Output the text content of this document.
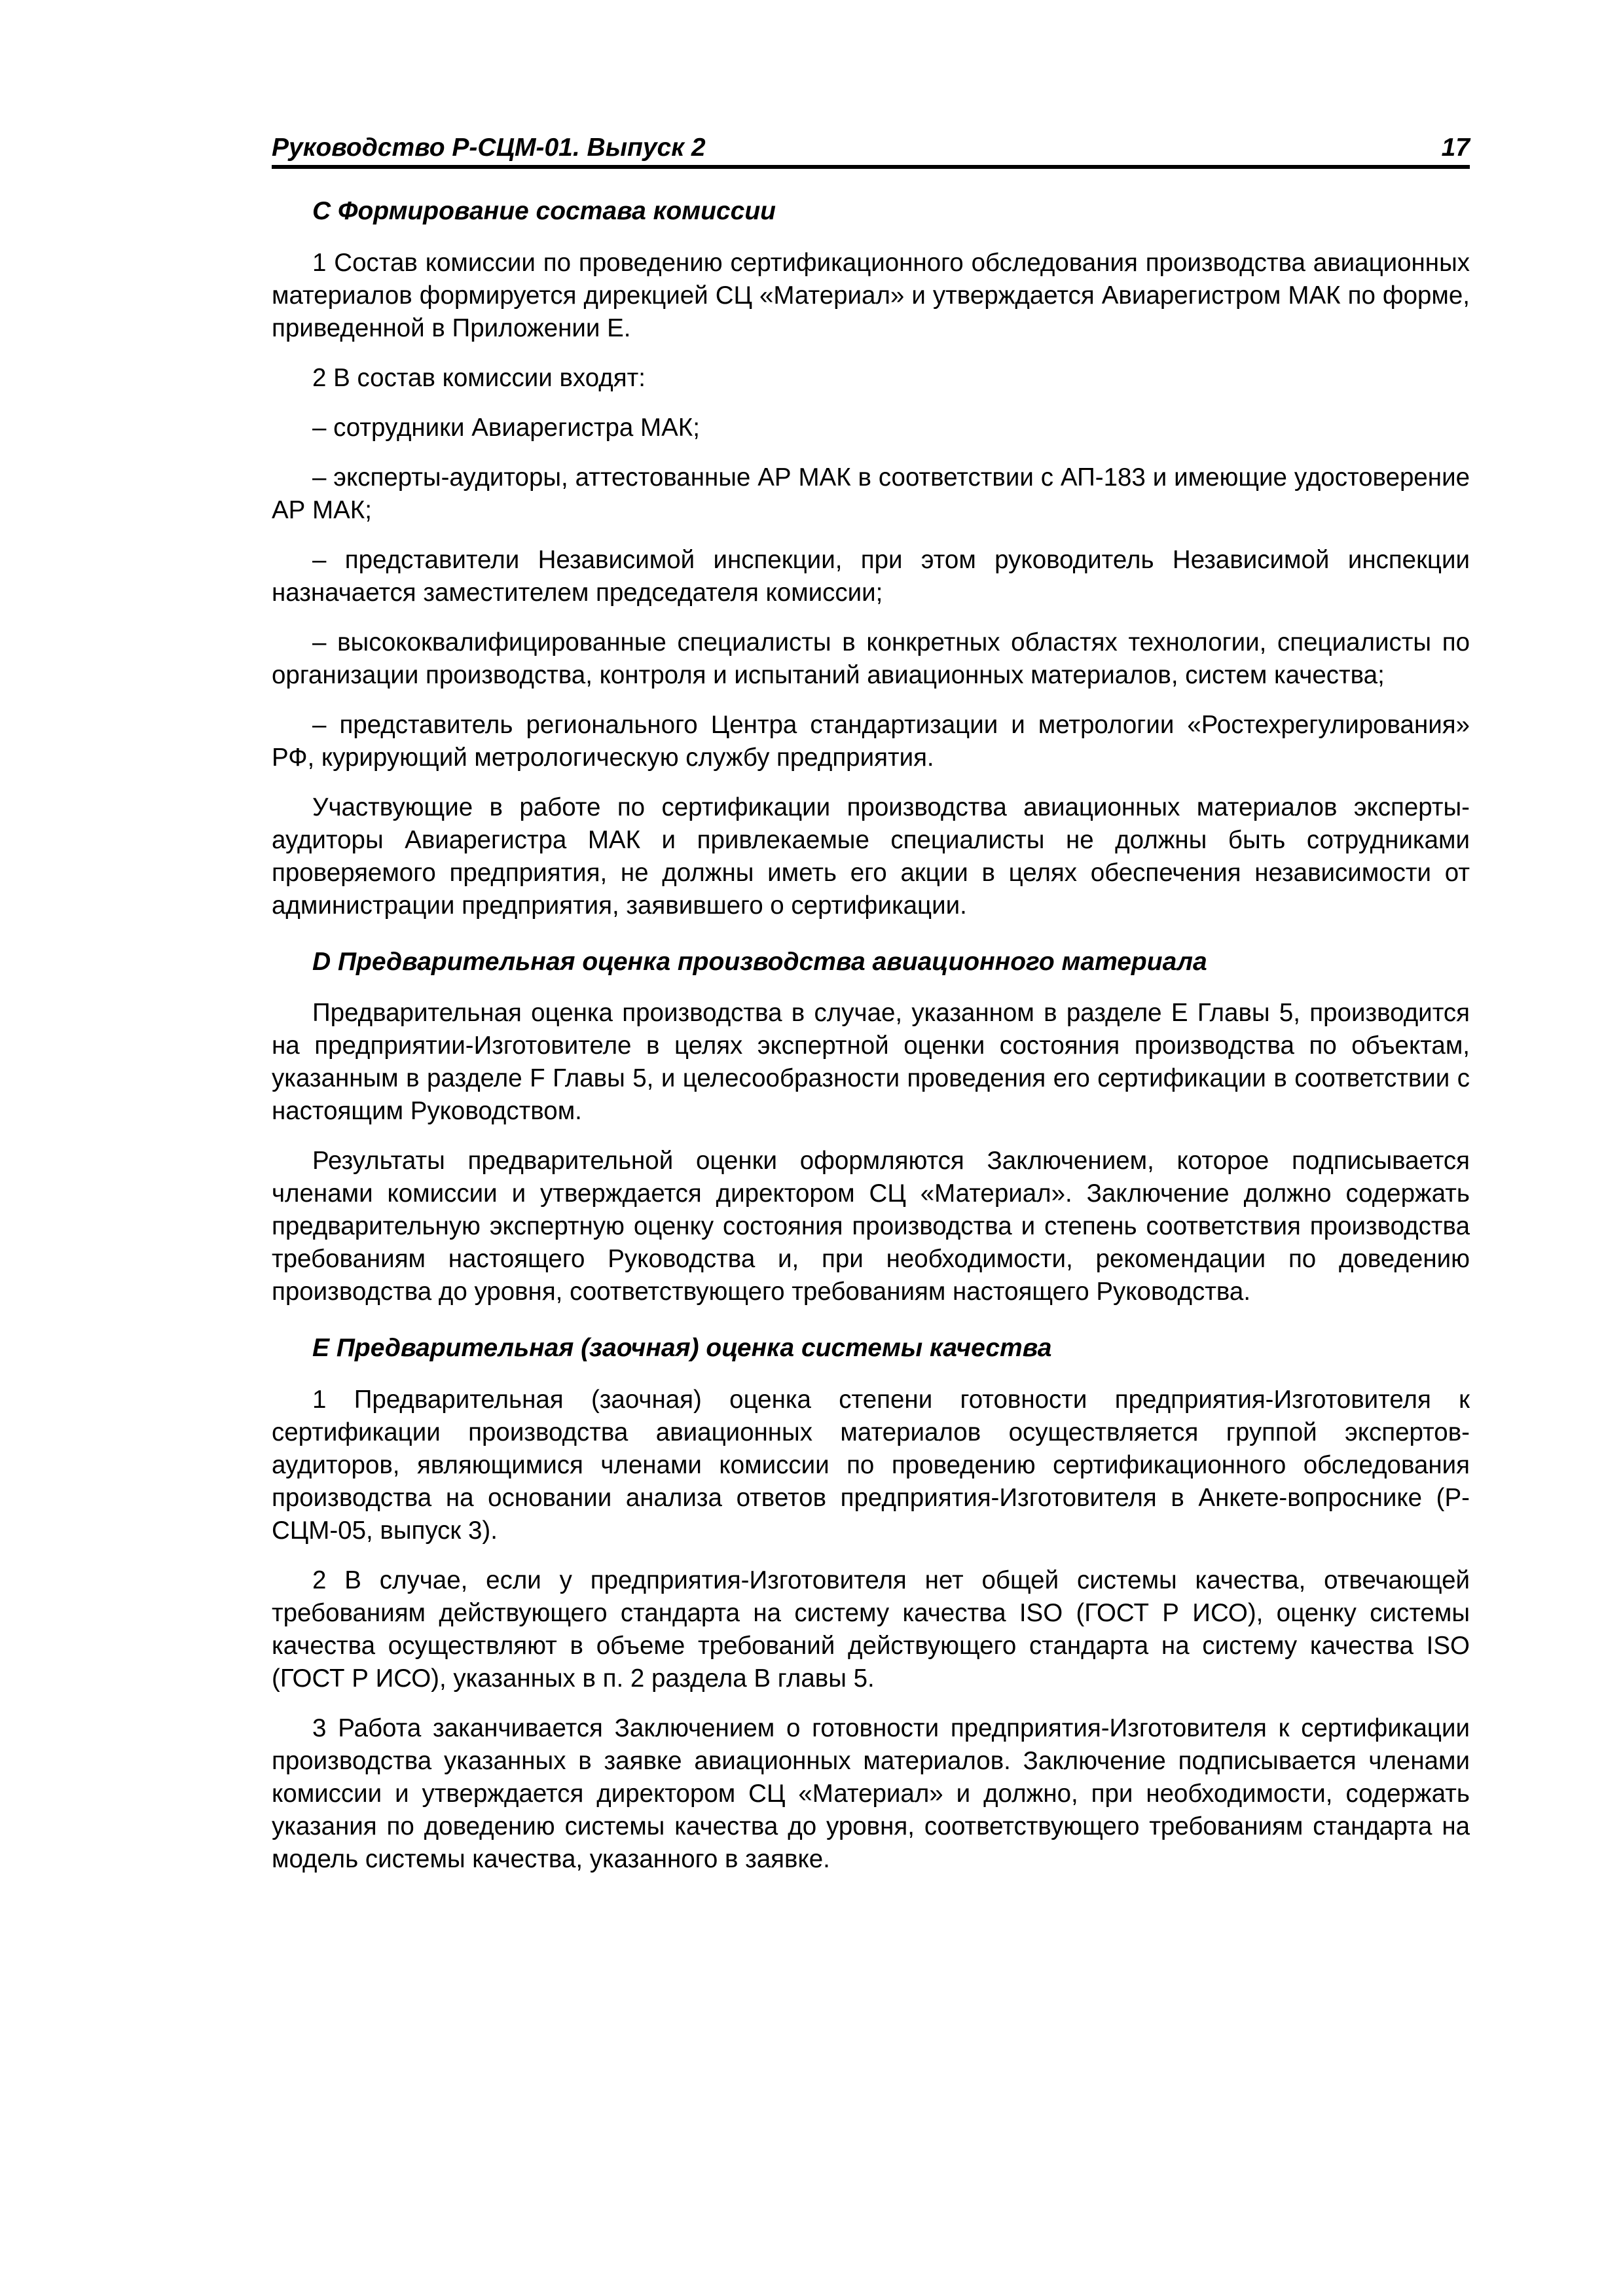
Руководство Р-СЦМ-01. Выпуск 2	17
C Формирование состава комиссии

1 Состав комиссии по проведению сертификационного обследования производства авиационных материалов формируется дирекцией СЦ «Материал» и утверждается Авиарегистром МАК по форме, приведенной в Приложении Е.

2 В состав комиссии входят:

– сотрудники Авиарегистра МАК;

– эксперты-аудиторы, аттестованные АР МАК в соответствии с АП-183 и имеющие удостоверение АР МАК;

– представители Независимой инспекции, при этом руководитель Независимой инспекции назначается заместителем председателя комиссии;

– высококвалифицированные специалисты в конкретных областях технологии, специалисты по организации производства, контроля и испытаний авиационных материалов, систем качества;

– представитель регионального Центра стандартизации и метрологии «Ростехрегулирования» РФ, курирующий метрологическую службу предприятия.

Участвующие в работе по сертификации производства авиационных материалов эксперты-аудиторы Авиарегистра МАК и привлекаемые специалисты не должны быть сотрудниками проверяемого предприятия, не должны иметь его акции в целях обеспечения независимости от администрации предприятия, заявившего о сертификации.

D Предварительная оценка производства авиационного материала

Предварительная оценка производства в случае, указанном в разделе Е Главы 5, производится на предприятии-Изготовителе в целях экспертной оценки состояния производства по объектам, указанным в разделе F Главы 5, и целесообразности проведения его сертификации в соответствии с настоящим Руководством.

Результаты предварительной оценки оформляются Заключением, которое подписывается членами комиссии и утверждается директором СЦ «Материал». Заключение должно содержать предварительную экспертную оценку состояния производства и степень соответствия производства требованиям настоящего Руководства и, при необходимости, рекомендации по доведению производства до уровня, соответствующего требованиям настоящего Руководства.

E Предварительная (заочная) оценка системы качества

1 Предварительная (заочная) оценка степени готовности предприятия-Изготовителя к сертификации производства авиационных материалов осуществляется группой экспертов-аудиторов, являющимися членами комиссии по проведению сертификационного обследования производства на основании анализа ответов предприятия-Изготовителя в Анкете-вопроснике (Р-СЦМ-05, выпуск 3).

2 В случае, если у предприятия-Изготовителя нет общей системы качества, отвечающей требованиям действующего стандарта на систему качества ISO (ГОСТ Р ИСО), оценку системы качества осуществляют в объеме требований действующего стандарта на систему качества ISO (ГОСТ Р ИСО), указанных в п. 2 раздела В главы 5.

3 Работа заканчивается Заключением о готовности предприятия-Изготовителя к сертификации производства указанных в заявке авиационных материалов. Заключение подписывается членами комиссии и утверждается директором СЦ «Материал» и должно, при необходимости, содержать указания по доведению системы качества до уровня, соответствующего требованиям стандарта на модель системы качества, указанного в заявке.
